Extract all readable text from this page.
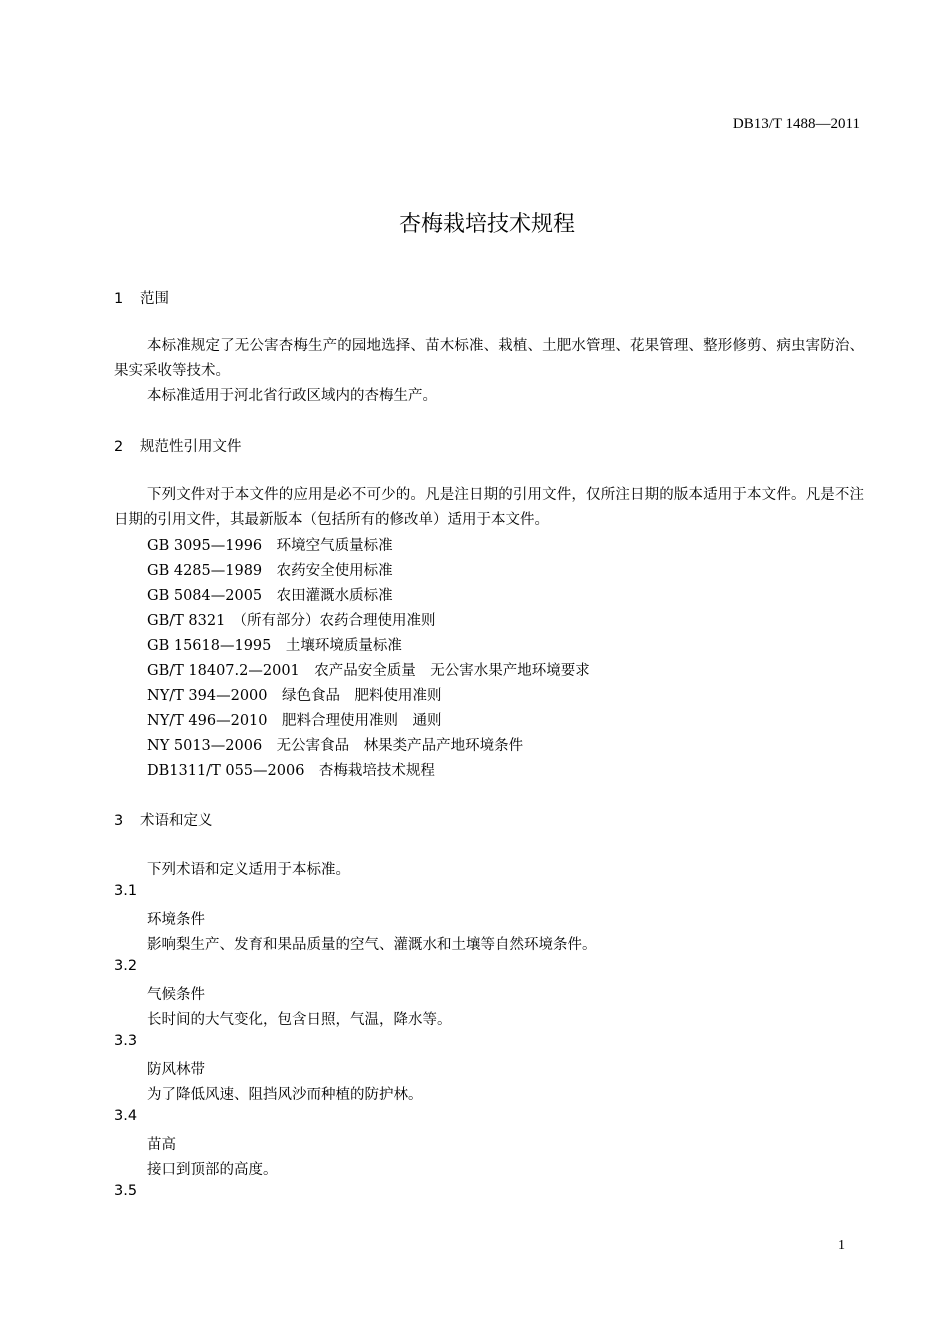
DB13/T 1488—2011
杏梅栽培技术规程
1 范围
本标准规定了无公害杏梅生产的园地选择、苗木标准、栽植、土肥水管理、花果管理、整形修剪、病虫害防治、果实采收等技术。
本标准适用于河北省行政区域内的杏梅生产。
2 规范性引用文件
下列文件对于本文件的应用是必不可少的。凡是注日期的引用文件，仅所注日期的版本适用于本文件。凡是不注日期的引用文件，其最新版本（包括所有的修改单）适用于本文件。
GB 3095—1996　环境空气质量标准
GB 4285—1989　农药安全使用标准
GB 5084—2005　农田灌溉水质标准
GB/T 8321　（所有部分）农药合理使用准则
GB 15618—1995　土壤环境质量标准
GB/T 18407.2—2001　农产品安全质量　无公害水果产地环境要求
NY/T 394—2000　绿色食品　肥料使用准则
NY/T 496—2010　肥料合理使用准则　通则
NY 5013—2006　无公害食品　林果类产品产地环境条件
DB1311/T 055—2006　杏梅栽培技术规程
3 术语和定义
下列术语和定义适用于本标准。
3.1
环境条件
影响梨生产、发育和果品质量的空气、灌溉水和土壤等自然环境条件。
3.2
气候条件
长时间的大气变化，包含日照，气温，降水等。
3.3
防风林带
为了降低风速、阻挡风沙而种植的防护林。
3.4
苗高
接口到顶部的高度。
3.5
1
